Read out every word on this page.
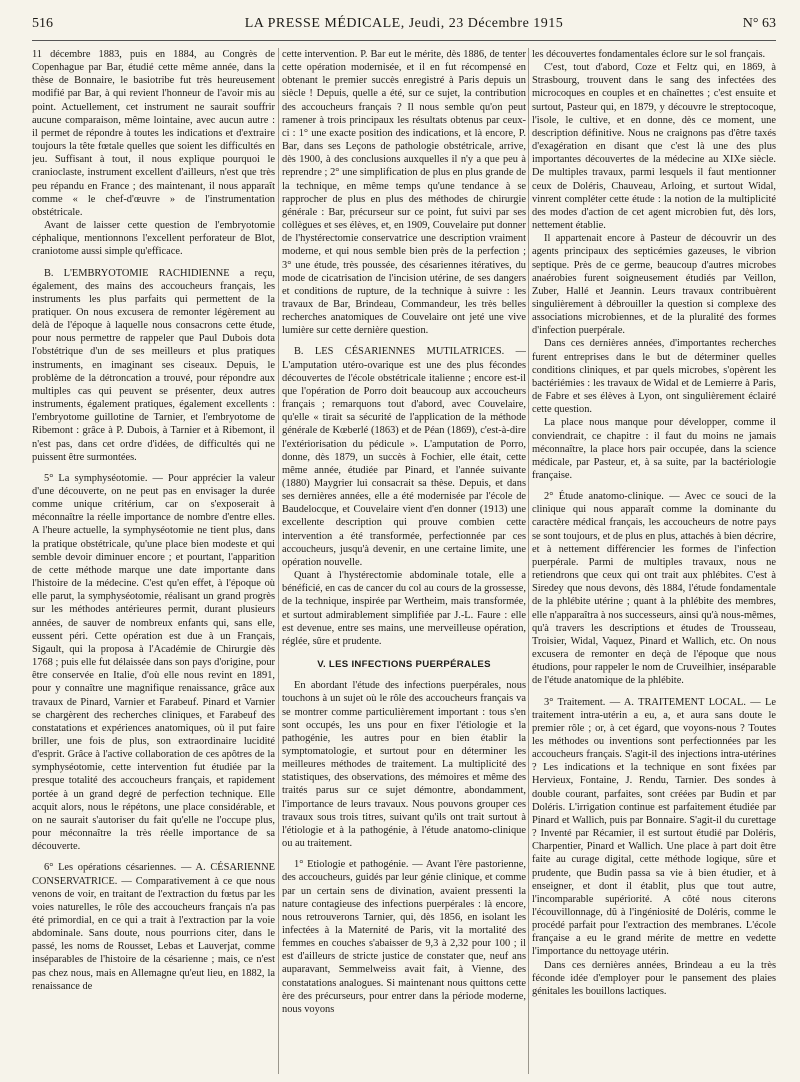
516	LA PRESSE MÉDICALE, Jeudi, 23 Décembre 1915	N° 63

11 décembre 1883, puis en 1884, au Congrès de Copenhague par Bar, étudié cette même année, dans la thèse de Bonnaire, le basiotribe fut très heureusement modifié par Bar, à qui revient l'honneur de l'avoir mis au point. Actuellement, cet instrument ne saurait souffrir aucune comparaison, même lointaine, avec aucun autre : il permet de répondre à toutes les indications et d'extraire toujours la tête fœtale quelles que soient les difficultés en jeu. Suffisant à tout, il nous explique pourquoi le cranioclaste, instrument excellent d'ailleurs, n'est que très peu répandu en France ; des maintenant, il nous apparaît comme « le chef-d'œuvre » de l'instrumentation obstétricale.

Avant de laisser cette question de l'embryotomie céphalique, mentionnons l'excellent perforateur de Blot, craniotome aussi simple qu'efficace.

B. L'EMBRYOTOMIE RACHIDIENNE a reçu, également, des mains des accoucheurs français, les instruments les plus parfaits qui permettent de la pratiquer. On nous excusera de remonter légèrement au delà de l'époque à laquelle nous consacrons cette étude, pour nous permettre de rappeler que Paul Dubois dota l'obstétrique d'un de ses meilleurs et plus pratiques instruments, en imaginant ses ciseaux. Depuis, le problème de la détroncation a trouvé, pour répondre aux multiples cas qui peuvent se présenter, deux autres instruments, également pratiques, également excellents : l'embryotome guillotine de Tarnier, et l'embryotome de Ribemont : grâce à P. Dubois, à Tarnier et à Ribemont, il n'est pas, dans cet ordre d'idées, de difficultés qui ne puissent être surmontées.

5° La symphyséotomie. — Pour apprécier la valeur d'une découverte, on ne peut pas en envisager la durée comme unique critérium, car on s'exposerait à méconnaître la réelle importance de nombre d'entre elles. A l'heure actuelle, la symphyséotomie ne tient plus, dans la pratique obstétricale, qu'une place bien modeste et qui semble devoir diminuer encore ; et pourtant, l'apparition de cette méthode marque une date importante dans l'histoire de la médecine. C'est qu'en effet, à l'époque où elle parut, la symphyséotomie, réalisant un grand progrès sur les méthodes antérieures permit, durant plusieurs années, de sauver de nombreux enfants qui, sans elle, eussent péri. Cette opération est due à un Français, Sigault, qui la proposa à l'Académie de Chirurgie dès 1768 ; puis elle fut délaissée dans son pays d'origine, pour être conservée en Italie, d'où elle nous revint en 1891, pour y connaître une magnifique renaissance, grâce aux travaux de Pinard, Varnier et Farabeuf. Pinard et Varnier se chargèrent des recherches cliniques, et Farabeuf des constatations et expériences anatomiques, où il put faire briller, une fois de plus, son extraordinaire lucidité d'esprit. Grâce à l'active collaboration de ces apôtres de la symphyséotomie, cette intervention fut étudiée par la presque totalité des accoucheurs français, et rapidement portée à un grand degré de perfection technique. Elle acquit alors, nous le répétons, une place considérable, et on ne saurait s'autoriser du fait qu'elle ne l'occupe plus, pour méconnaître la très réelle importance de sa découverte.

6° Les opérations césariennes. — A. CÉSARIENNE CONSERVATRICE. — Comparativement à ce que nous venons de voir, en traitant de l'extraction du fœtus par les voies naturelles, le rôle des accoucheurs français n'a pas été primordial, en ce qui a trait à l'extraction par la voie abdominale. Sans doute, nous pourrions citer, dans le passé, les noms de Rousset, Lebas et Lauverjat, comme inséparables de l'histoire de la césarienne ; mais, ce n'est pas chez nous, mais en Allemagne qu'eut lieu, en 1882, la renaissance de

cette intervention. P. Bar eut le mérite, dès 1886, de tenter cette opération modernisée, et il en fut récompensé en obtenant le premier succès enregistré à Paris depuis un siècle ! Depuis, quelle a été, sur ce sujet, la contribution des accoucheurs français ? Il nous semble qu'on peut ramener à trois principaux les résultats obtenus par ceux-ci : 1° une exacte position des indications, et là encore, P. Bar, dans ses Leçons de pathologie obstétricale, arrive, dès 1900, à des conclusions auxquelles il n'y a que peu à reprendre ; 2° une simplification de plus en plus grande de la technique, en même temps qu'une tendance à se rapprocher de plus en plus des méthodes de chirurgie générale : Bar, précurseur sur ce point, fut suivi par ses collègues et ses élèves, et, en 1909, Couvelaire put donner de l'hystérectomie conservatrice une description vraiment moderne, et qui nous semble bien près de la perfection ; 3° une étude, très poussée, des césariennes itératives, du mode de cicatrisation de l'incision utérine, de ses dangers et conditions de rupture, de la technique à suivre : les travaux de Bar, Brindeau, Commandeur, les très belles recherches anatomiques de Couvelaire ont jeté une vive lumière sur cette dernière question.

B. LES CÉSARIENNES MUTILATRICES. — L'amputation utéro-ovarique est une des plus fécondes découvertes de l'école obstétricale italienne ; encore est-il que l'opération de Porro doit beaucoup aux accoucheurs français ; remarquons tout d'abord, avec Couvelaire, qu'elle « tirait sa sécurité de l'application de la méthode générale de Kœberlé (1863) et de Péan (1869), c'est-à-dire l'extériorisation du pédicule ». L'amputation de Porro, donne, dès 1879, un succès à Fochier, elle était, cette même année, étudiée par Pinard, et l'année suivante (1880) Maygrier lui consacrait sa thèse. Depuis, et dans ses dernières années, elle a été modernisée par l'école de Baudelocque, et Couvelaire vient d'en donner (1913) une excellente description qui prouve combien cette intervention a été transformée, perfectionnée par ces accoucheurs, jusqu'à devenir, en une certaine limite, une opération nouvelle.

Quant à l'hystérectomie abdominale totale, elle a bénéficié, en cas de cancer du col au cours de la grossesse, de la technique, inspirée par Wertheim, mais transformée, et surtout admirablement simplifiée par J.-L. Faure : elle est devenue, entre ses mains, une merveilleuse opération, réglée, sûre et prudente.

V. LES INFECTIONS PUERPÉRALES

En abordant l'étude des infections puerpérales, nous touchons à un sujet où le rôle des accoucheurs français va se montrer comme particulièrement important : tous s'en sont occupés, les uns pour en fixer l'étiologie et la pathogénie, les autres pour en bien établir la symptomatologie, et surtout pour en déterminer les meilleures méthodes de traitement. La multiplicité des statistiques, des observations, des mémoires et même des traités parus sur ce sujet démontre, abondamment, l'importance de leurs travaux. Nous pouvons grouper ces travaux sous trois titres, suivant qu'ils ont trait surtout à l'étiologie et à la pathogénie, à l'étude anatomo-clinique ou au traitement.

1° Etiologie et pathogénie. — Avant l'ère pastorienne, des accoucheurs, guidés par leur génie clinique, et comme par un certain sens de divination, avaient pressenti la nature contagieuse des infections puerpérales : là encore, nous retrouverons Tarnier, qui, dès 1856, en isolant les infectées à la Maternité de Paris, vit la mortalité des femmes en couches s'abaisser de 9,3 à 2,32 pour 100 ; il est d'ailleurs de stricte justice de constater que, neuf ans auparavant, Semmelweiss avait fait, à Vienne, des constatations analogues. Si maintenant nous quittons cette ère des précurseurs, pour entrer dans la période moderne, nous voyons

les découvertes fondamentales éclore sur le sol français.

C'est, tout d'abord, Coze et Feltz qui, en 1869, à Strasbourg, trouvent dans le sang des infectées des microcoques en couples et en chaînettes ; c'est ensuite et surtout, Pasteur qui, en 1879, y découvre le streptocoque, l'isole, le cultive, et en donne, dès ce moment, une description définitive. Nous ne craignons pas d'être taxés d'exagération en disant que c'est là une des plus importantes découvertes de la médecine au XIXe siècle. De multiples travaux, parmi lesquels il faut mentionner ceux de Doléris, Chauveau, Arloing, et surtout Widal, vinrent compléter cette étude : la notion de la multiplicité des modes d'action de cet agent microbien fut, dès lors, nettement établie.

Il appartenait encore à Pasteur de découvrir un des agents principaux des septicémies gazeuses, le vibrion septique. Près de ce germe, beaucoup d'autres microbes anaérobies furent soigneusement étudiés par Veillon, Zuber, Hallé et Jeannin. Leurs travaux contribuèrent singulièrement à débrouiller la question si complexe des associations microbiennes, et de la pluralité des formes d'infection puerpérale.

Dans ces dernières années, d'importantes recherches furent entreprises dans le but de déterminer quelles conditions cliniques, et par quels microbes, s'opèrent les bactériémies : les travaux de Widal et de Lemierre à Paris, de Fabre et ses élèves à Lyon, ont singulièrement éclairé cette question.

La place nous manque pour développer, comme il conviendrait, ce chapitre : il faut du moins ne jamais méconnaître, la place hors pair occupée, dans la science médicale, par Pasteur, et, à sa suite, par la bactériologie française.

2° Étude anatomo-clinique. — Avec ce souci de la clinique qui nous apparaît comme la dominante du caractère médical français, les accoucheurs de notre pays se sont toujours, et de plus en plus, attachés à bien décrire, et à nettement différencier les formes de l'infection puerpérale. Parmi de multiples travaux, nous ne retiendrons que ceux qui ont trait aux phlébites. C'est à Siredey que nous devons, dès 1884, l'étude fondamentale de la phlébite utérine ; quant à la phlébite des membres, elle n'apparaîtra à nos successeurs, ainsi qu'à nous-mêmes, qu'à travers les descriptions et études de Trousseau, Troisier, Widal, Vaquez, Pinard et Wallich, etc. On nous excusera de remonter en deçà de l'époque que nous étudions, pour rappeler le nom de Cruveilhier, inséparable de l'étude anatomique de la phlébite.

3° Traitement. — A. TRAITEMENT LOCAL. — Le traitement intra-utérin a eu, a, et aura sans doute le premier rôle ; or, à cet égard, que voyons-nous ? Toutes les méthodes ou inventions sont perfectionnées par les accoucheurs français. S'agit-il des injections intra-utérines ? Les indications et la technique en sont fixées par Hervieux, Fontaine, J. Rendu, Tarnier. Des sondes à double courant, parfaites, sont créées par Budin et par Doléris. L'irrigation continue est parfaitement étudiée par Pinard et Wallich, puis par Bonnaire. S'agit-il du curettage ? Inventé par Récamier, il est surtout étudié par Doléris, Charpentier, Pinard et Wallich. Une place à part doit être faite au curage digital, cette méthode logique, sûre et prudente, que Budin passa sa vie à bien étudier, et à enseigner, et dont il établit, plus que tout autre, l'incomparable supériorité. A côté nous citerons l'écouvillonnage, dû à l'ingéniosité de Doléris, comme le procédé parfait pour l'extraction des membranes. L'école française a eu le grand mérite de mettre en vedette l'importance du nettoyage utérin.

Dans ces dernières années, Brindeau a eu la très féconde idée d'employer pour le pansement des plaies génitales les bouillons lactiques.
